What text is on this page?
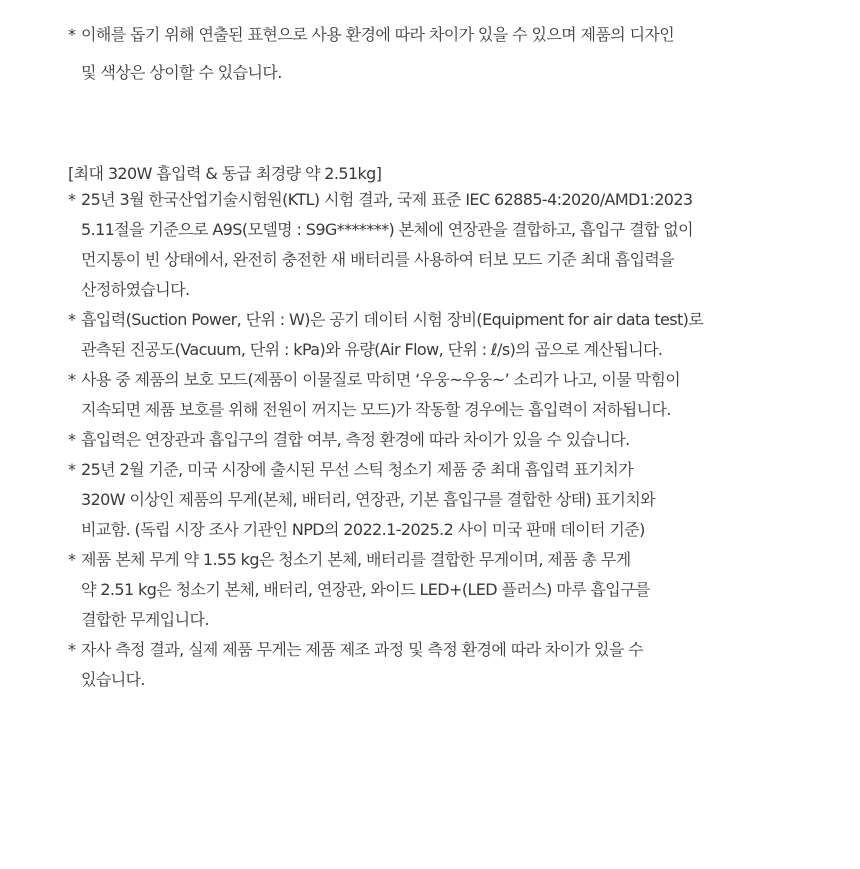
* 이해를 돕기 위해 연출된 표현으로 사용 환경에 따라 차이가 있을 수 있으며 제품의 디자인
및 색상은 상이할 수 있습니다.
[최대 320W 흡입력 & 동급 최경량 약 2.51kg]
* 25년 3월 한국산업기술시험원(KTL) 시험 결과, 국제 표준 IEC 62885-4:2020/AMD1:2023
5.11절을 기준으로 A9S(모델명 : S9G*******) 본체에 연장관을 결합하고, 흡입구 결합 없이
먼지통이 빈 상태에서, 완전히 충전한 새 배터리를 사용하여 터보 모드 기준 최대 흡입력을
산정하였습니다.
* 흡입력(Suction Power, 단위 : W)은 공기 데이터 시험 장비(Equipment for air data test)로
관측된 진공도(Vacuum, 단위 : kPa)와 유량(Air Flow, 단위 : ℓ/s)의 곱으로 계산됩니다.
* 사용 중 제품의 보호 모드(제품이 이물질로 막히면 ‘우웅~우웅~’ 소리가 나고, 이물 막힘이
지속되면 제품 보호를 위해 전원이 꺼지는 모드)가 작동할 경우에는 흡입력이 저하됩니다.
* 흡입력은 연장관과 흡입구의 결합 여부, 측정 환경에 따라 차이가 있을 수 있습니다.
* 25년 2월 기준, 미국 시장에 출시된 무선 스틱 청소기 제품 중 최대 흡입력 표기치가
320W 이상인 제품의 무게(본체, 배터리, 연장관, 기본 흡입구를 결합한 상태) 표기치와
비교함. (독립 시장 조사 기관인 NPD의 2022.1-2025.2 사이 미국 판매 데이터 기준)
* 제품 본체 무게 약 1.55 kg은 청소기 본체, 배터리를 결합한 무게이며, 제품 총 무게
약 2.51 kg은 청소기 본체, 배터리, 연장관, 와이드 LED+(LED 플러스) 마루 흡입구를
결합한 무게입니다.
* 자사 측정 결과, 실제 제품 무게는 제품 제조 과정 및 측정 환경에 따라 차이가 있을 수
있습니다.
